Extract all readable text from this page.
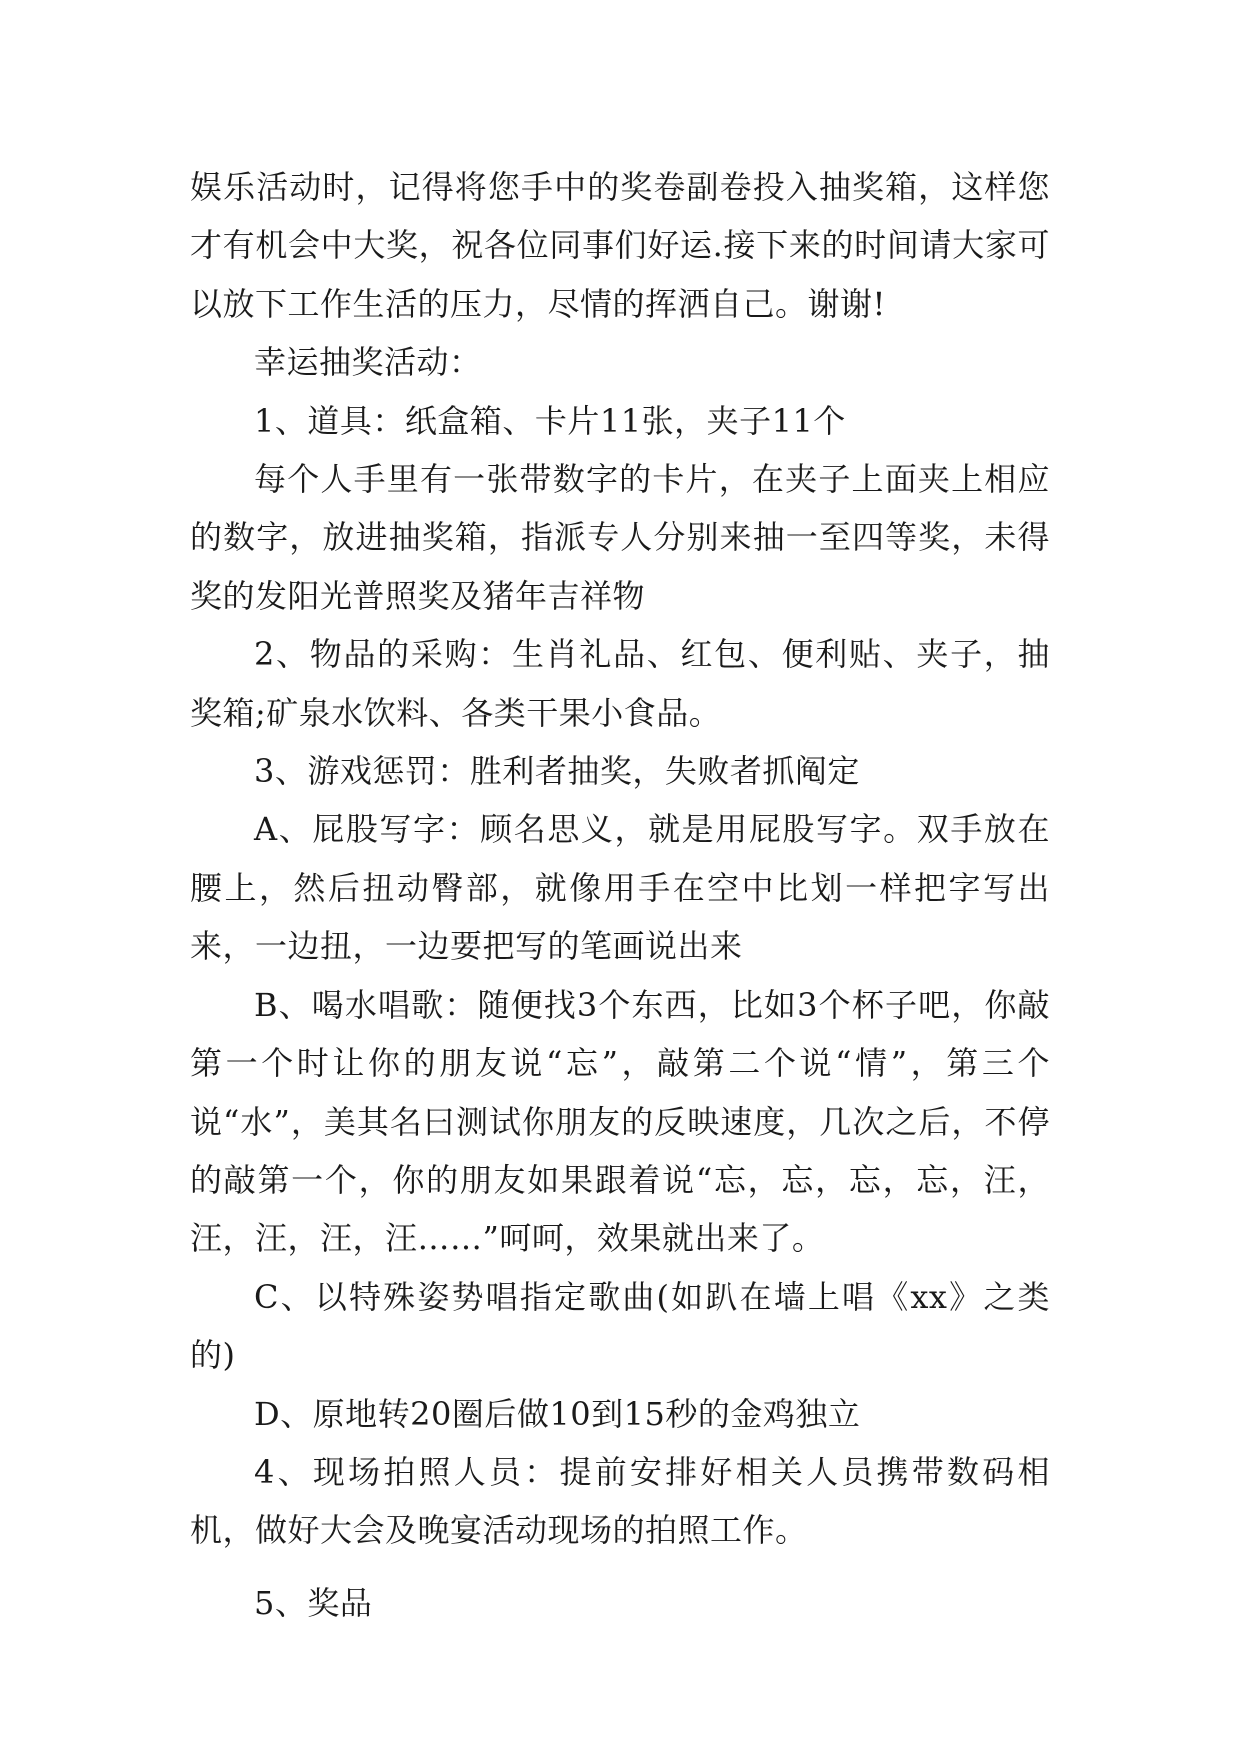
娱乐活动时，记得将您手中的奖卷副卷投入抽奖箱，这样您才有机会中大奖，祝各位同事们好运.接下来的时间请大家可以放下工作生活的压力，尽情的挥洒自己。谢谢!

幸运抽奖活动：

1、道具：纸盒箱、卡片11张，夹子11个

每个人手里有一张带数字的卡片，在夹子上面夹上相应的数字，放进抽奖箱，指派专人分别来抽一至四等奖，未得奖的发阳光普照奖及猪年吉祥物

2、物品的采购：生肖礼品、红包、便利贴、夹子，抽奖箱;矿泉水饮料、各类干果小食品。

3、游戏惩罚：胜利者抽奖，失败者抓阄定

A、屁股写字：顾名思义，就是用屁股写字。双手放在腰上，然后扭动臀部，就像用手在空中比划一样把字写出来，一边扭，一边要把写的笔画说出来

B、喝水唱歌：随便找3个东西，比如3个杯子吧，你敲第一个时让你的朋友说“忘”，敲第二个说“情”，第三个说“水”，美其名曰测试你朋友的反映速度，几次之后，不停的敲第一个，你的朋友如果跟着说“忘，忘，忘，忘，汪，汪，汪，汪，汪……”呵呵，效果就出来了。

C、以特殊姿势唱指定歌曲(如趴在墙上唱《xx》之类的)

D、原地转20圈后做10到15秒的金鸡独立

4、现场拍照人员：提前安排好相关人员携带数码相机，做好大会及晚宴活动现场的拍照工作。

5、奖品
